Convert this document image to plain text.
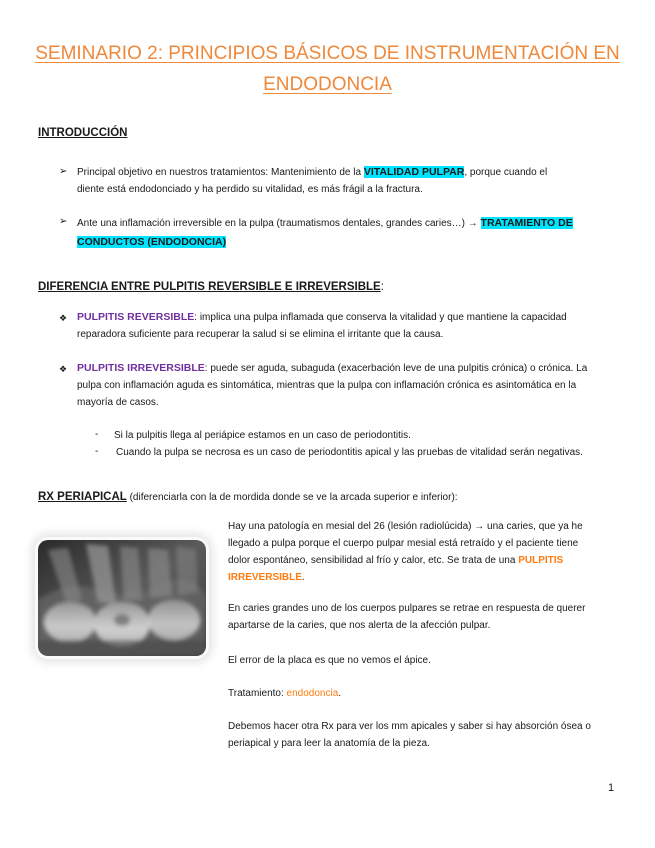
SEMINARIO 2: PRINCIPIOS BÁSICOS DE INSTRUMENTACIÓN EN
ENDODONCIA
INTRODUCCIÓN
➢ Principal objetivo en nuestros tratamientos: Mantenimiento de la VITALIDAD PULPAR, porque cuando el
diente está endodonciado y ha perdido su vitalidad, es más frágil a la fractura.
➢ Ante una inflamación irreversible en la pulpa (traumatismos dentales, grandes caries…) → TRATAMIENTO DE
CONDUCTOS (ENDODONCIA)
DIFERENCIA ENTRE PULPITIS REVERSIBLE E IRREVERSIBLE:
❖ PULPITIS REVERSIBLE: implica una pulpa inflamada que conserva la vitalidad y que mantiene la capacidad
reparadora suficiente para recuperar la salud si se elimina el irritante que la causa.
❖ PULPITIS IRREVERSIBLE: puede ser aguda, subaguda (exacerbación leve de una pulpitis crónica) o crónica. La
pulpa con inflamación aguda es sintomática, mientras que la pulpa con inflamación crónica es asintomática en la
mayoría de casos.
- Si la pulpitis llega al periápice estamos en un caso de periodontitis.
- Cuando la pulpa se necrosa es un caso de periodontitis apical y las pruebas de vitalidad serán negativas.
RX PERIAPICAL (diferenciarla con la de mordida donde se ve la arcada superior e inferior):
Hay una patología en mesial del 26 (lesión radiolúcida) → una caries, que ya he
llegado a pulpa porque el cuerpo pulpar mesial está retraído y el paciente tiene
dolor espontáneo, sensibilidad al frío y calor, etc. Se trata de una PULPITIS
IRREVERSIBLE.
En caries grandes uno de los cuerpos pulpares se retrae en respuesta de querer
apartarse de la caries, que nos alerta de la afección pulpar.
El error de la placa es que no vemos el ápice.
Tratamiento: endodoncia.
Debemos hacer otra Rx para ver los mm apicales y saber si hay absorción ósea o
periapical y para leer la anatomía de la pieza.
1
